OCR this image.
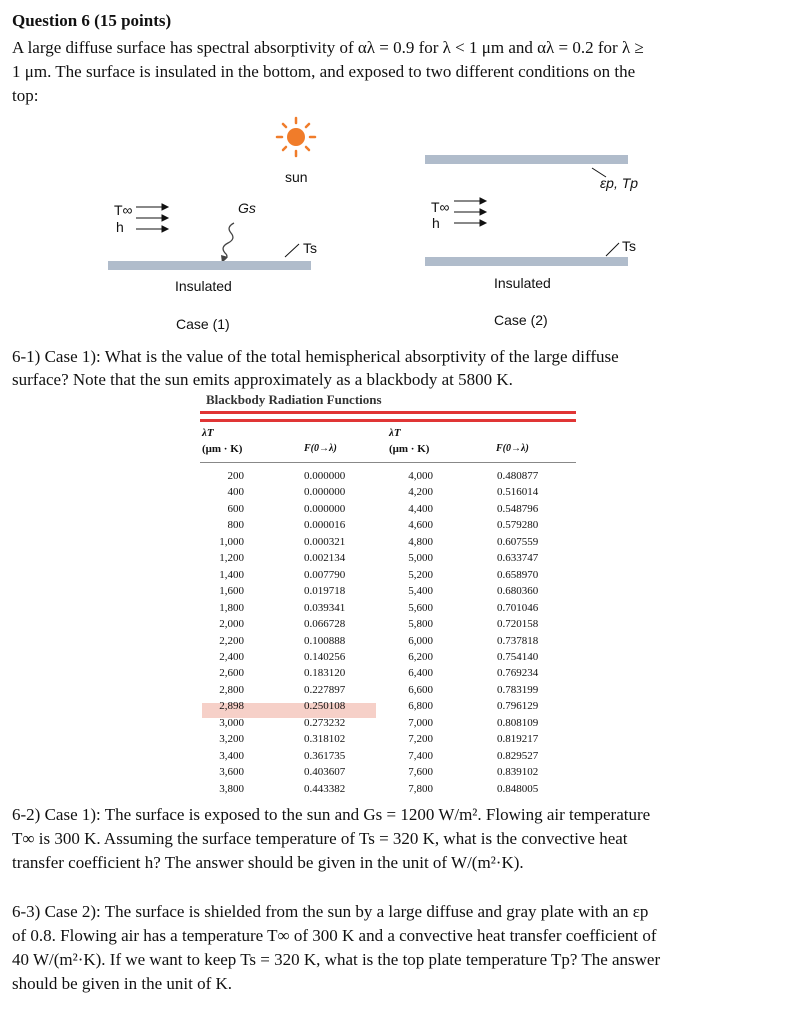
Question 6 (15 points)
A large diffuse surface has spectral absorptivity of αλ = 0.9 for λ < 1 μm and αλ = 0.2 for λ ≥
1 μm. The surface is insulated in the bottom, and exposed to two different conditions on the
top:
sun
T∞
h
Gs
Ts
Insulated
Case (1)
εp, Tp
T∞
h
Ts
Insulated
Case (2)
6-1) Case 1): What is the value of the total hemispherical absorptivity of the large diffuse
surface? Note that the sun emits approximately as a blackbody at 5800 K.
Blackbody Radiation Functions
λT
(μm · K)	F(0→λ)
λT
(μm · K)	F(0→λ)
200
400
600
800
1,000
1,200
1,400
1,600
1,800
2,000
2,200
2,400
2,600
2,800
2,898
3,000
3,200
3,400
3,600
3,800
0.000000
0.000000
0.000000
0.000016
0.000321
0.002134
0.007790
0.019718
0.039341
0.066728
0.100888
0.140256
0.183120
0.227897
0.250108
0.273232
0.318102
0.361735
0.403607
0.443382
4,000
4,200
4,400
4,600
4,800
5,000
5,200
5,400
5,600
5,800
6,000
6,200
6,400
6,600
6,800
7,000
7,200
7,400
7,600
7,800
0.480877
0.516014
0.548796
0.579280
0.607559
0.633747
0.658970
0.680360
0.701046
0.720158
0.737818
0.754140
0.769234
0.783199
0.796129
0.808109
0.819217
0.829527
0.839102
0.848005
6-2) Case 1): The surface is exposed to the sun and Gs = 1200 W/m². Flowing air temperature
T∞ is 300 K. Assuming the surface temperature of Ts = 320 K, what is the convective heat
transfer coefficient h? The answer should be given in the unit of W/(m²·K).
6-3) Case 2): The surface is shielded from the sun by a large diffuse and gray plate with an εp
of 0.8. Flowing air has a temperature T∞ of 300 K and a convective heat transfer coefficient of
40 W/(m²·K). If we want to keep Ts = 320 K, what is the top plate temperature Tp? The answer
should be given in the unit of K.
